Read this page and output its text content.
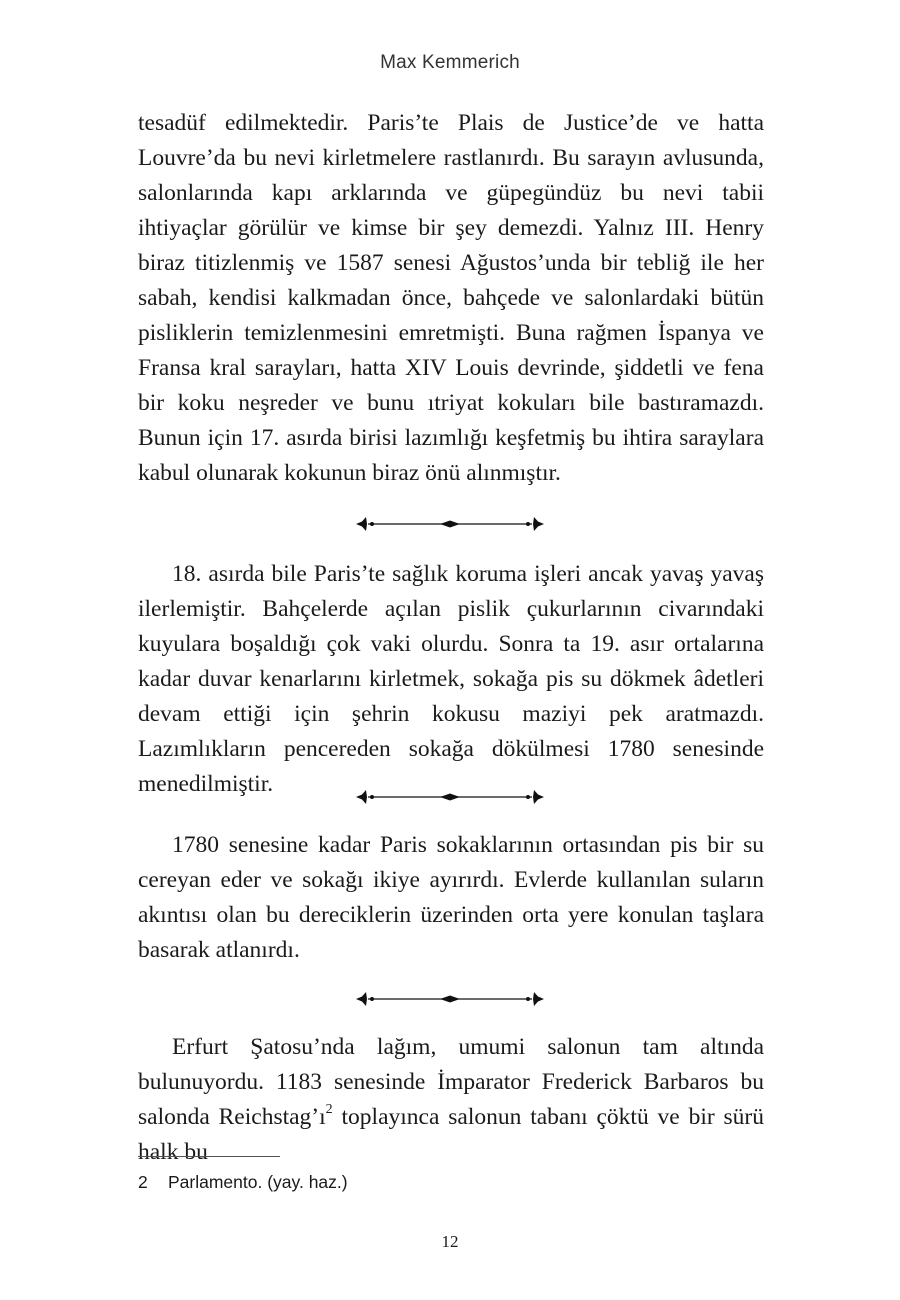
Max Kemmerich

tesadüf edilmektedir. Paris’te Plais de Justice’de ve hatta Louvre’da bu nevi kirletmelere rastlanırdı. Bu sarayın avlusunda, salonlarında kapı arklarında ve güpegündüz bu nevi tabii ihtiyaçlar görülür ve kimse bir şey demezdi. Yalnız III. Henry biraz titizlenmiş ve 1587 senesi Ağustos’unda bir tebliğ ile her sabah, kendisi kalkmadan önce, bahçede ve salonlardaki bütün pisliklerin temizlenmesini emretmişti. Buna rağmen İspanya ve Fransa kral sarayları, hatta XIV Louis devrinde, şiddetli ve fena bir koku neşreder ve bunu ıtriyat kokuları bile bastıramazdı. Bunun için 17. asırda birisi lazımlığı keşfetmiş bu ihtira saraylara kabul olunarak kokunun biraz önü alınmıştır.

18. asırda bile Paris’te sağlık koruma işleri ancak yavaş yavaş ilerlemiştir. Bahçelerde açılan pislik çukurlarının civarındaki kuyulara boşaldığı çok vaki olurdu. Sonra ta 19. asır ortalarına kadar duvar kenarlarını kirletmek, sokağa pis su dökmek âdetleri devam ettiği için şehrin kokusu maziyi pek aratmazdı. Lazımlıkların pencereden sokağa dökülmesi 1780 senesinde menedilmiştir.

1780 senesine kadar Paris sokaklarının ortasından pis bir su cereyan eder ve sokağı ikiye ayırırdı. Evlerde kullanılan suların akıntısı olan bu dereciklerin üzerinden orta yere konulan taşlara basarak atlanırdı.

Erfurt Şatosu’nda lağım, umumi salonun tam altında bulunuyordu. 1183 senesinde İmparator Frederick Barbaros bu salonda $Reichstag’ı^2$ toplayınca salonun tabanı çöktü ve bir sürü halk bu

2 Parlamento. (yay. haz.)
12
